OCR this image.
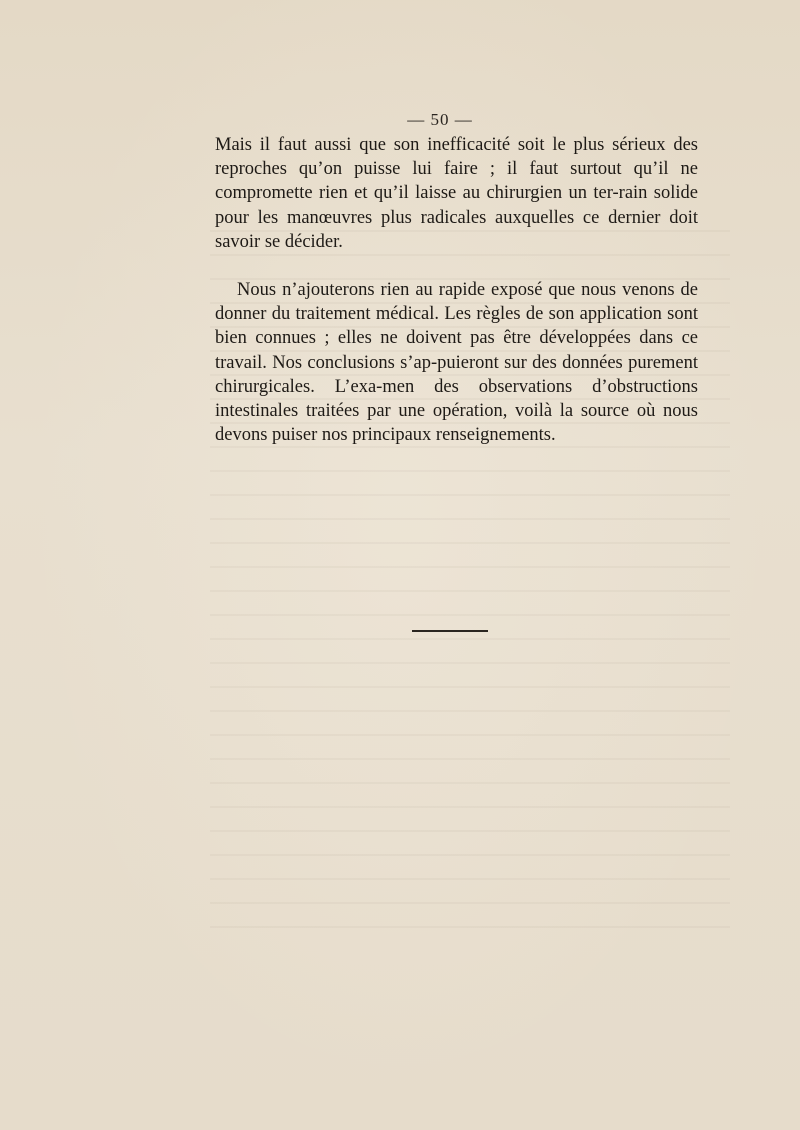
— 50 —

Mais il faut aussi que son inefficacité soit le plus sérieux des reproches qu’on puisse lui faire ; il faut surtout qu’il ne compromette rien et qu’il laisse au chirurgien un ter-rain solide pour les manœuvres plus radicales auxquelles ce dernier doit savoir se décider.

Nous n’ajouterons rien au rapide exposé que nous venons de donner du traitement médical. Les règles de son application sont bien connues ; elles ne doivent pas être développées dans ce travail. Nos conclusions s’ap-puieront sur des données purement chirurgicales. L’exa-men des observations d’obstructions intestinales traitées par une opération, voilà la source où nous devons puiser nos principaux renseignements.
